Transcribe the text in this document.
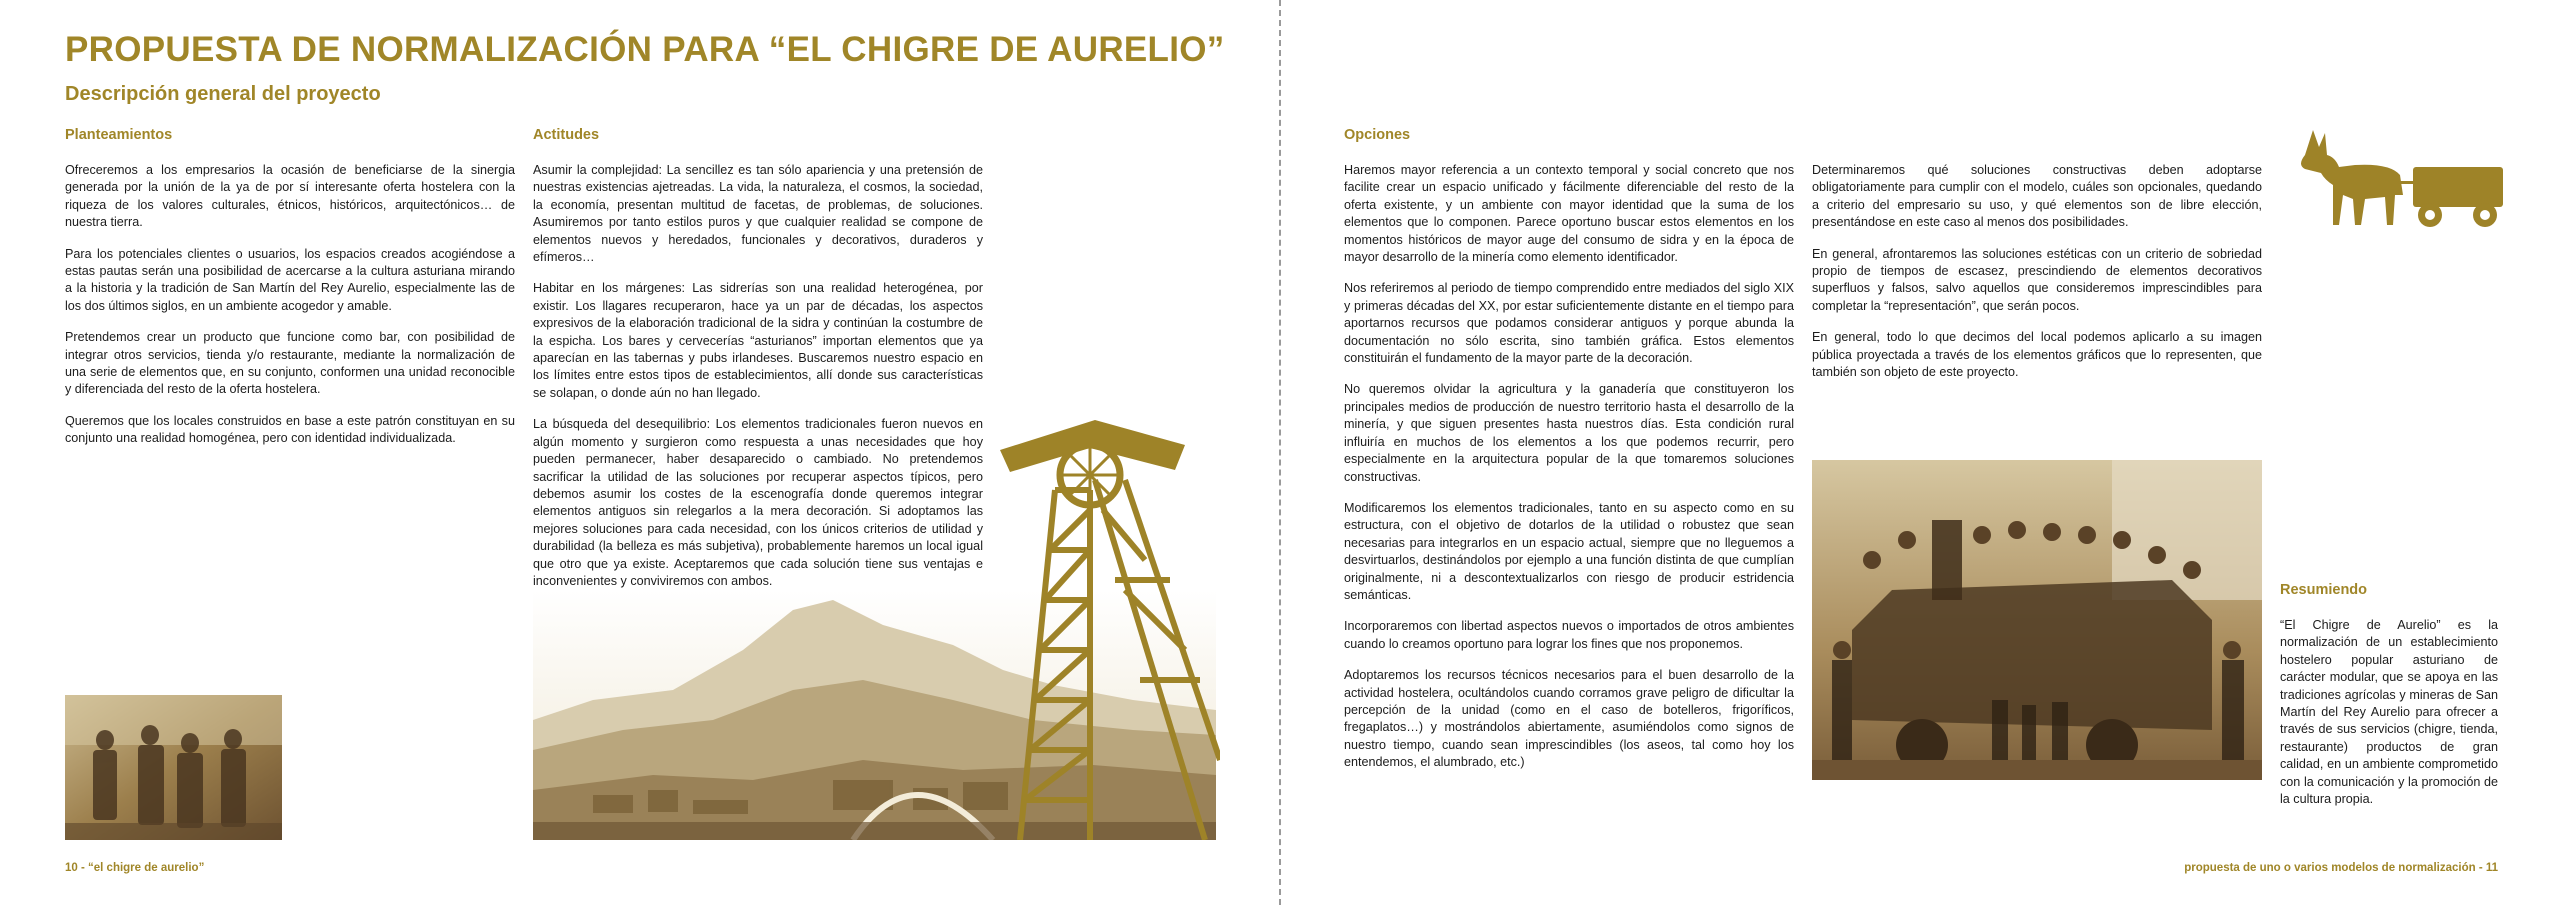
PROPUESTA DE NORMALIZACIÓN PARA “EL CHIGRE DE AURELIO”
Descripción general del proyecto
Planteamientos

Ofreceremos a los empresarios la ocasión de beneficiarse de la sinergia generada por la unión de la ya de por sí interesante oferta hostelera con la riqueza de los valores culturales, étnicos, históricos, arquitectónicos… de nuestra tierra.

Para los potenciales clientes o usuarios, los espacios creados acogiéndose a estas pautas serán una posibilidad de acercarse a la cultura asturiana mirando a la historia y la tradición de San Martín del Rey Aurelio, especialmente las de los dos últimos siglos, en un ambiente acogedor y amable.

Pretendemos crear un producto que funcione como bar, con posibilidad de integrar otros servicios, tienda y/o restaurante, mediante la normalización de una serie de elementos que, en su conjunto, conformen una unidad reconocible y diferenciada del resto de la oferta hostelera.

Queremos que los locales construidos en base a este patrón constituyan en su conjunto una realidad homogénea, pero con identidad individualizada.

Actitudes

Asumir la complejidad: La sencillez es tan sólo apariencia y una pretensión de nuestras existencias ajetreadas. La vida, la naturaleza, el cosmos, la sociedad, la economía, presentan multitud de facetas, de problemas, de soluciones. Asumiremos por tanto estilos puros y que cualquier realidad se compone de elementos nuevos y heredados, funcionales y decorativos, duraderos y efímeros…

Habitar en los márgenes: Las sidrerías son una realidad heterogénea, por existir. Los llagares recuperaron, hace ya un par de décadas, los aspectos expresivos de la elaboración tradicional de la sidra y continúan la costumbre de la espicha. Los bares y cervecerías “asturianos” importan elementos que ya aparecían en las tabernas y pubs irlandeses. Buscaremos nuestro espacio en los límites entre estos tipos de establecimientos, allí donde sus características se solapan, o donde aún no han llegado.

La búsqueda del desequilibrio: Los elementos tradicionales fueron nuevos en algún momento y surgieron como respuesta a unas necesidades que hoy pueden permanecer, haber desaparecido o cambiado. No pretendemos sacrificar la utilidad de las soluciones por recuperar aspectos típicos, pero debemos asumir los costes de la escenografía donde queremos integrar elementos antiguos sin relegarlos a la mera decoración. Si adoptamos las mejores soluciones para cada necesidad, con los únicos criterios de utilidad y durabilidad (la belleza es más subjetiva), probablemente haremos un local igual que otro que ya existe. Aceptaremos que cada solución tiene sus ventajas e inconvenientes y conviviremos con ambos.

10 - “el chigre de aurelio”

Opciones

Haremos mayor referencia a un contexto temporal y social concreto que nos facilite crear un espacio unificado y fácilmente diferenciable del resto de la oferta existente, y un ambiente con mayor identidad que la suma de los elementos que lo componen. Parece oportuno buscar estos elementos en los momentos históricos de mayor auge del consumo de sidra y en la época de mayor desarrollo de la minería como elemento identificador.

Nos referiremos al periodo de tiempo comprendido entre mediados del siglo XIX y primeras décadas del XX, por estar suficientemente distante en el tiempo para aportarnos recursos que podamos considerar antiguos y porque abunda la documentación no sólo escrita, sino también gráfica. Estos elementos constituirán el fundamento de la mayor parte de la decoración.

No queremos olvidar la agricultura y la ganadería que constituyeron los principales medios de producción de nuestro territorio hasta el desarrollo de la minería, y que siguen presentes hasta nuestros días. Esta condición rural influiría en muchos de los elementos a los que podemos recurrir, pero especialmente en la arquitectura popular de la que tomaremos soluciones constructivas.

Modificaremos los elementos tradicionales, tanto en su aspecto como en su estructura, con el objetivo de dotarlos de la utilidad o robustez que sean necesarias para integrarlos en un espacio actual, siempre que no lleguemos a desvirtuarlos, destinándolos por ejemplo a una función distinta de que cumplían originalmente, ni a descontextualizarlos con riesgo de producir estridencia semánticas.

Incorporaremos con libertad aspectos nuevos o importados de otros ambientes cuando lo creamos oportuno para lograr los fines que nos proponemos.

Adoptaremos los recursos técnicos necesarios para el buen desarrollo de la actividad hostelera, ocultándolos cuando corramos grave peligro de dificultar la percepción de la unidad (como en el caso de botelleros, frigoríficos, fregaplatos…) y mostrándolos abiertamente, asumiéndolos como signos de nuestro tiempo, cuando sean imprescindibles (los aseos, tal como hoy los entendemos, el alumbrado, etc.)

Determinaremos qué soluciones constructivas deben adoptarse obligatoriamente para cumplir con el modelo, cuáles son opcionales, quedando a criterio del empresario su uso, y qué elementos son de libre elección, presentándose en este caso al menos dos posibilidades.

En general, afrontaremos las soluciones estéticas con un criterio de sobriedad propio de tiempos de escasez, prescindiendo de elementos decorativos superfluos y falsos, salvo aquellos que consideremos imprescindibles para completar la “representación”, que serán pocos.

En general, todo lo que decimos del local podemos aplicarlo a su imagen pública proyectada a través de los elementos gráficos que lo representen, que también son objeto de este proyecto.

Resumiendo

“El Chigre de Aurelio” es la normalización de un establecimiento hostelero popular asturiano de carácter modular, que se apoya en las tradiciones agrícolas y mineras de San Martín del Rey Aurelio para ofrecer a través de sus servicios (chigre, tienda, restaurante) productos de gran calidad, en un ambiente comprometido con la comunicación y la promoción de la cultura propia.

propuesta de uno o varios modelos de normalización - 11
